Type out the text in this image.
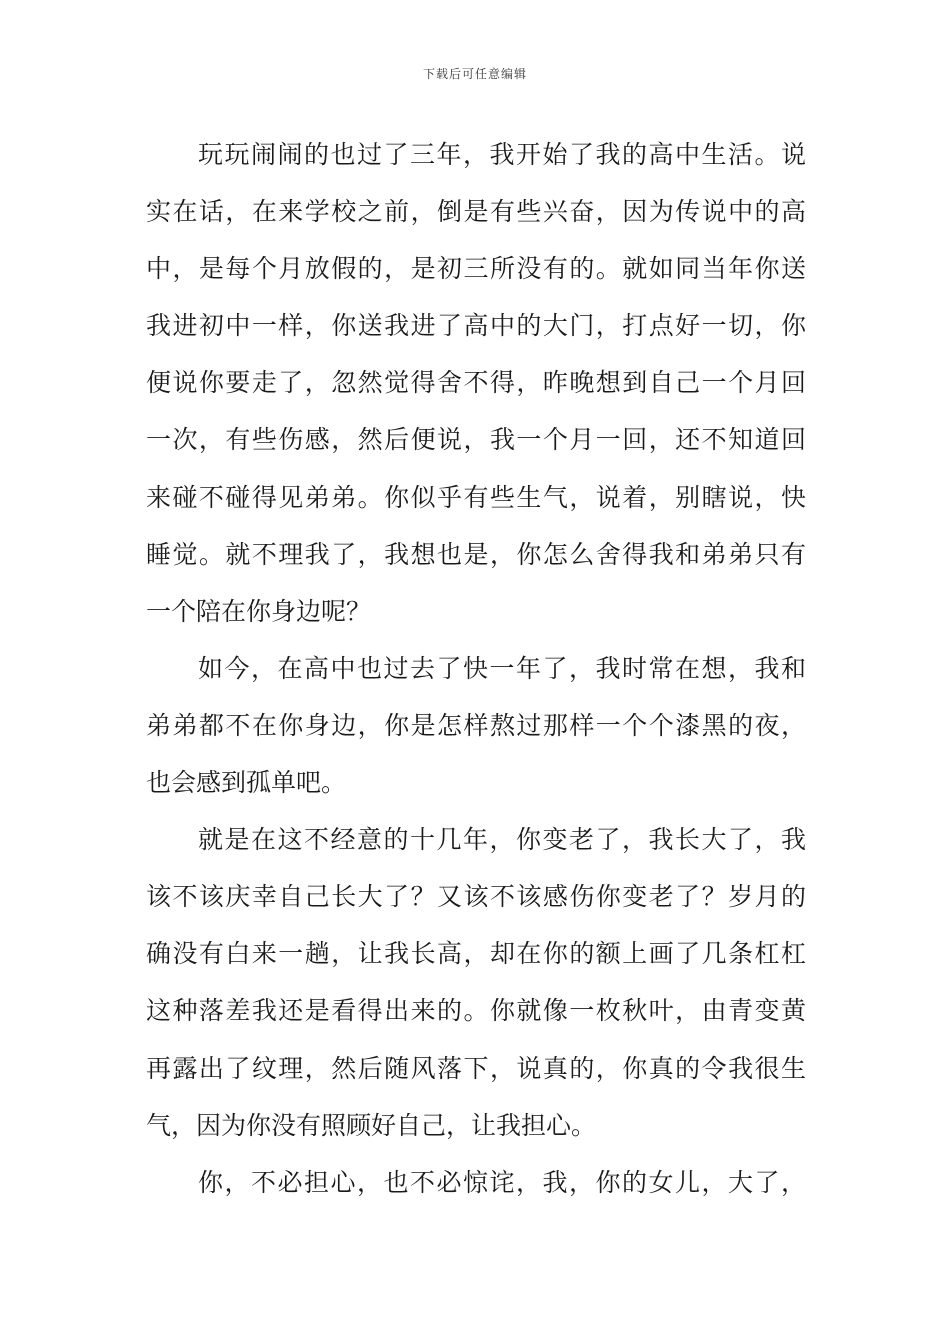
下载后可任意编辑
玩玩闹闹的也过了三年，我开始了我的高中生活。说
实在话，在来学校之前，倒是有些兴奋，因为传说中的高
中，是每个月放假的，是初三所没有的。就如同当年你送
我进初中一样，你送我进了高中的大门，打点好一切，你
便说你要走了，忽然觉得舍不得，昨晚想到自己一个月回
一次，有些伤感，然后便说，我一个月一回，还不知道回
来碰不碰得见弟弟。你似乎有些生气，说着，别瞎说，快
睡觉。就不理我了，我想也是，你怎么舍得我和弟弟只有
一个陪在你身边呢？
如今，在高中也过去了快一年了，我时常在想，我和
弟弟都不在你身边，你是怎样熬过那样一个个漆黑的夜，
也会感到孤单吧。
就是在这不经意的十几年，你变老了，我长大了，我
该不该庆幸自己长大了？又该不该感伤你变老了？岁月的
确没有白来一趟，让我长高，却在你的额上画了几条杠杠
这种落差我还是看得出来的。你就像一枚秋叶，由青变黄
再露出了纹理，然后随风落下，说真的，你真的令我很生
气，因为你没有照顾好自己，让我担心。
你，不必担心，也不必惊诧，我，你的女儿，大了，
